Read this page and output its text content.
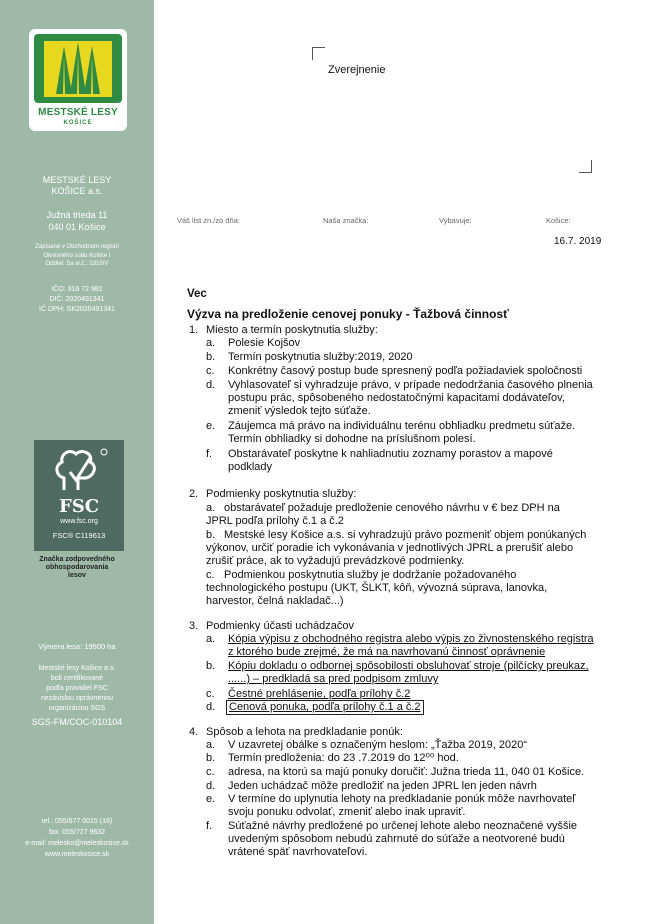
MESTSKÉ LESY
KOŠICE
MESTSKÉ LESY
KOŠICE a.s.
Južná trieda 11
040 01 Košice
Zapísané v Obchodnom registri
Okresného súdu Košice I
Oddiel: Sa vl.č.: 1310/V
IČO: 316 72 981
DIČ: 2020491341
IČ DPH: SK2020491341
FSC
www.fsc.org
FSC® C119613
Značka zodpovedného
obhospodarovania
lesov
Výmera lesa: 19500 ha
Mestské lesy Košice a.s.
boli certifikované
podľa pravidiel FSC
nezávislou oprávnenou
organizáciou SGS
SGS-FM/COC-010104
tel.: 055/677 0015 (16)
fax: 055/727 9632
e-mail: melesko@meleskosice.sk
www.meleskosice.sk
Zverejnenie
Váš list zn./zo dňa:	Naša značka:	Vybavuje:	Košice:
16.7. 2019
Vec
Výzva na predloženie cenovej ponuky - Ťažbová činnosť
1. Miesto a termín poskytnutia služby:
a. Polesie Kojšov
b. Termín poskytnutia služby:2019, 2020
c. Konkrétny časový postup bude spresnený podľa požiadaviek spoločnosti
d. Vyhlasovateľ si vyhradzuje právo, v prípade nedodržania časového plnenia
postupu prác, spôsobeného nedostatočnými kapacitami dodávateľov,
zmeniť výsledok tejto súťaže.
e. Záujemca má právo na individuálnu terénu obhliadku predmetu súťaže.
Termín obhliadky si dohodne na príslušnom polesí.
f. Obstarávateľ poskytne k nahliadnutiu zoznamy porastov a mapové
podklady
2. Podmienky poskytnutia služby:
a. obstarávateľ požaduje predloženie cenového návrhu v € bez DPH na
JPRL podľa prílohy č.1 a č.2
b. Mestské lesy Košice a.s. si vyhradzujú právo pozmeniť objem ponúkaných
výkonov, určiť poradie ich vykonávania v jednotlivých JPRL a prerušiť alebo
zrušiť práce, ak to vyžadujú prevádzkové podmienky.
c. Podmienkou poskytnutia služby je dodržanie požadovaného
technologického postupu (UKT, ŠLKT, kôň, vývozná súprava, lanovka,
harvestor, čelná nakladač...)
3. Podmienky účasti uchádzačov
a. Kópia výpisu z obchodného registra alebo výpis zo živnostenského registra
z ktorého bude zrejmé, že má na navrhovanú činnosť oprávnenie
b. Kópiu dokladu o odbornej spôsobilosti obsluhovať stroje (pilčícky preukaz,
......) – predkladá sa pred podpisom zmluvy
c. Čestné prehlásenie, podľa prílohy č.2
d. Cenová ponuka, podľa prílohy č.1 a č.2
4. Spôsob a lehota na predkladanie ponúk:
a. V uzavretej obálke s označeným heslom: „Ťažba 2019, 2020“
b. Termín predloženia: do 23 .7.2019 do 12⁰⁰ hod.
c. adresa, na ktorú sa majú ponuky doručiť: Južna trieda 11, 040 01 Košice.
d. Jeden uchádzač môže predložiť na jeden JPRL len jeden návrh
e. V termíne do uplynutia lehoty na predkladanie ponúk môže navrhovateľ
svoju ponuku odvolať, zmeniť alebo inak upraviť.
f. Súťažné návrhy predložené po určenej lehote alebo neoznačené vyššie
uvedeným spôsobom nebudú zahrnuté do súťaže a neotvorené budú
vrátené späť navrhovateľovi.
